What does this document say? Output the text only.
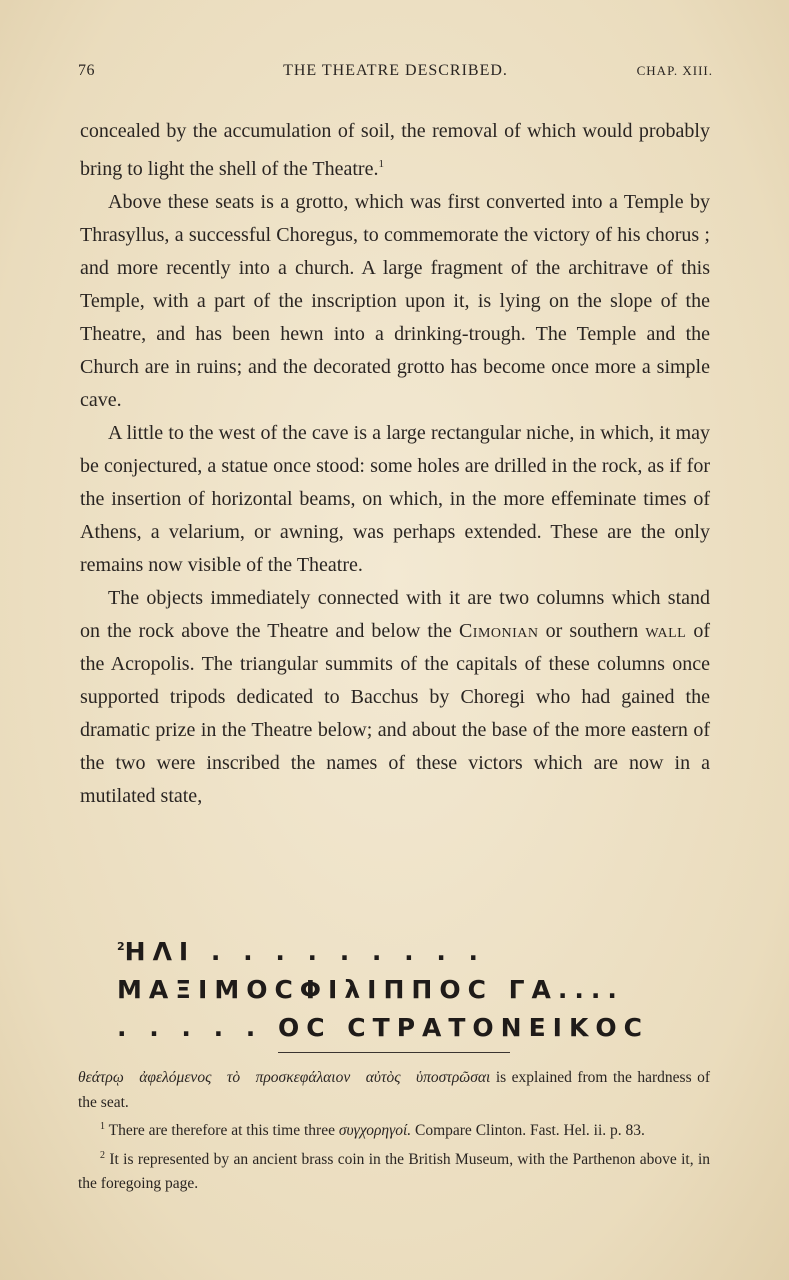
76	THE THEATRE DESCRIBED.	CHAP. XIII.

concealed by the accumulation of soil, the removal of which would probably bring to light the shell of the Theatre.$^1$

Above these seats is a grotto, which was first converted into a Temple by Thrasyllus, a successful Choregus, to commemorate the victory of his chorus ; and more recently into a church. A large fragment of the architrave of this Temple, with a part of the inscription upon it, is lying on the slope of the Theatre, and has been hewn into a drinking-trough. The Temple and the Church are in ruins; and the decorated grotto has become once more a simple cave.

A little to the west of the cave is a large rectangular niche, in which, it may be conjectured, a statue once stood: some holes are drilled in the rock, as if for the insertion of horizontal beams, on which, in the more effeminate times of Athens, a velarium, or awning, was perhaps extended. These are the only remains now visible of the Theatre.

The objects immediately connected with it are two columns which stand on the rock above the Theatre and below the Cimonian or southern wall of the Acropolis. The triangular summits of the capitals of these columns once supported tripods dedicated to Bacchus by Choregi who had gained the dramatic prize in the Theatre below; and about the base of the more eastern of the two were inscribed the names of these victors which are now in a mutilated state,

$^2$ΗΛΙ . . . . . . . . .
ΜΑΞΙΜΟϹΦΙλΙΠΠΟϹ ΓΑ....
. . . . . ΟϹ ϹΤΡΑΤΟΝΕΙΚΟϹ

θεάτρῳ ἀφελόμενος τὸ προσκεφάλαιον αὐτὸς ὑποστρῶσαι is explained from the hardness of the seat.

$^1$ There are therefore at this time three συγχορηγοί. Compare Clinton. Fast. Hel. ii. p. 83.

$^2$ It is represented by an ancient brass coin in the British Museum, with the Parthenon above it, in the foregoing page.
